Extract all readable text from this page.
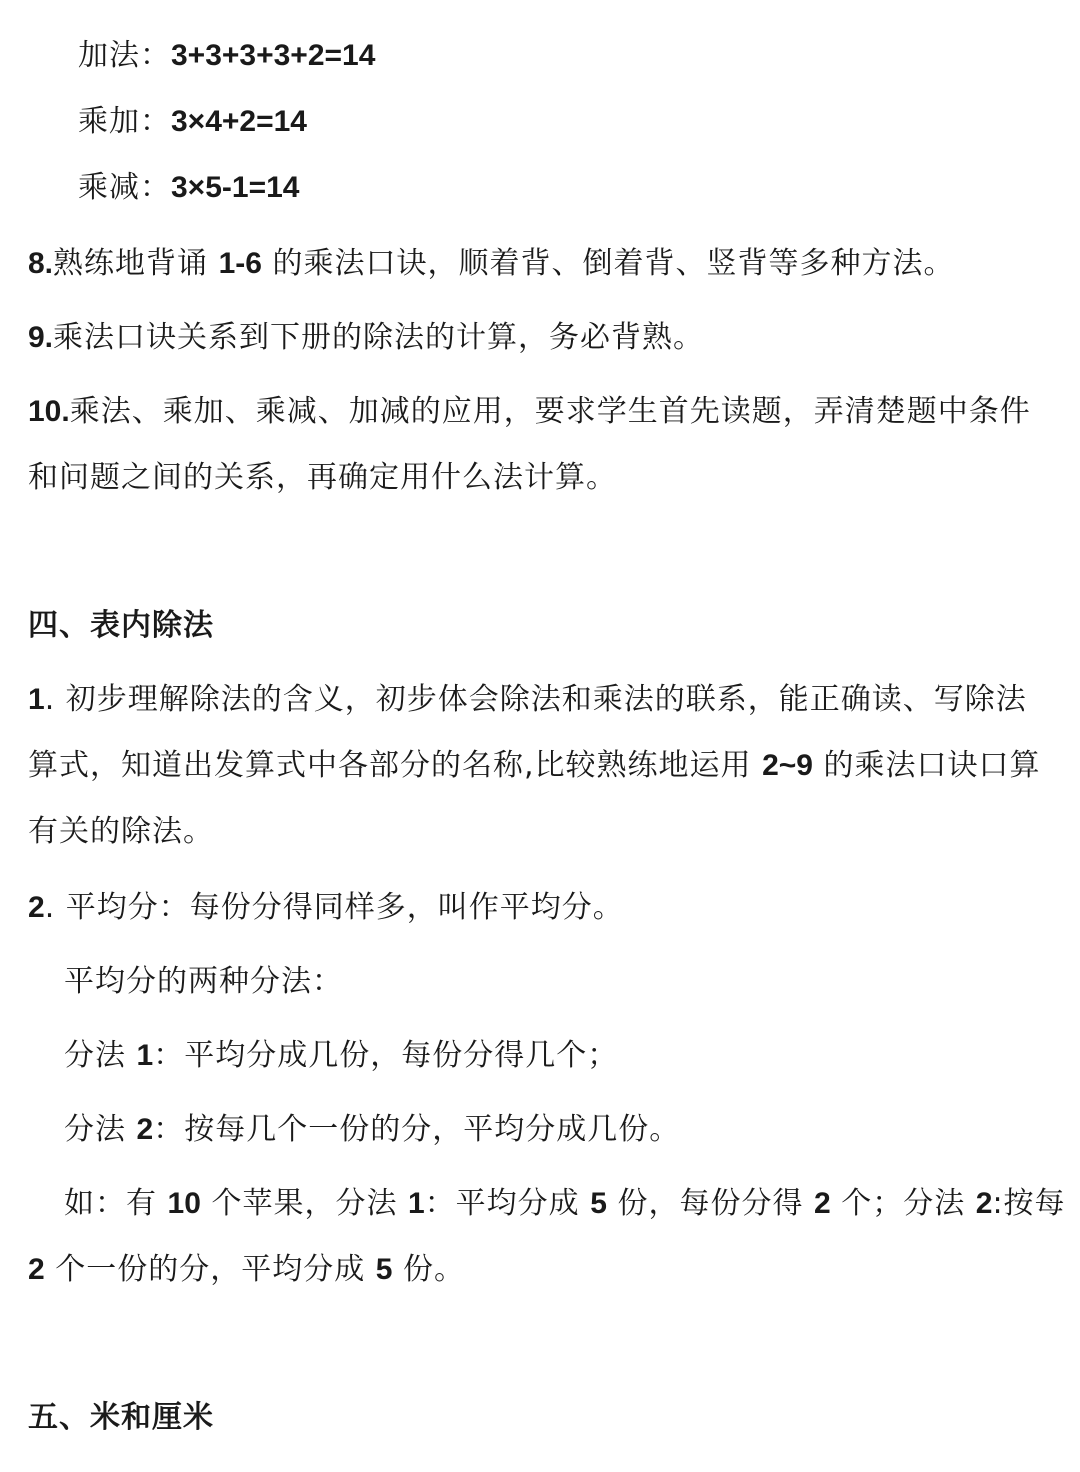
加法：3+3+3+3+2=14
乘加：3×4+2=14
乘减：3×5-1=14
8.熟练地背诵 1-6 的乘法口诀，顺着背、倒着背、竖背等多种方法。
9.乘法口诀关系到下册的除法的计算，务必背熟。
10.乘法、乘加、乘减、加减的应用，要求学生首先读题，弄清楚题中条件
和问题之间的关系，再确定用什么法计算。
四、表内除法
1. 初步理解除法的含义，初步体会除法和乘法的联系，能正确读、写除法
算式，知道出发算式中各部分的名称,比较熟练地运用 2~9 的乘法口诀口算
有关的除法。
2. 平均分：每份分得同样多，叫作平均分。
平均分的两种分法：
分法 1：平均分成几份，每份分得几个；
分法 2：按每几个一份的分，平均分成几份。
如：有 10 个苹果，分法 1：平均分成 5 份，每份分得 2 个；分法 2:按每
2 个一份的分，平均分成 5 份。
五、米和厘米
